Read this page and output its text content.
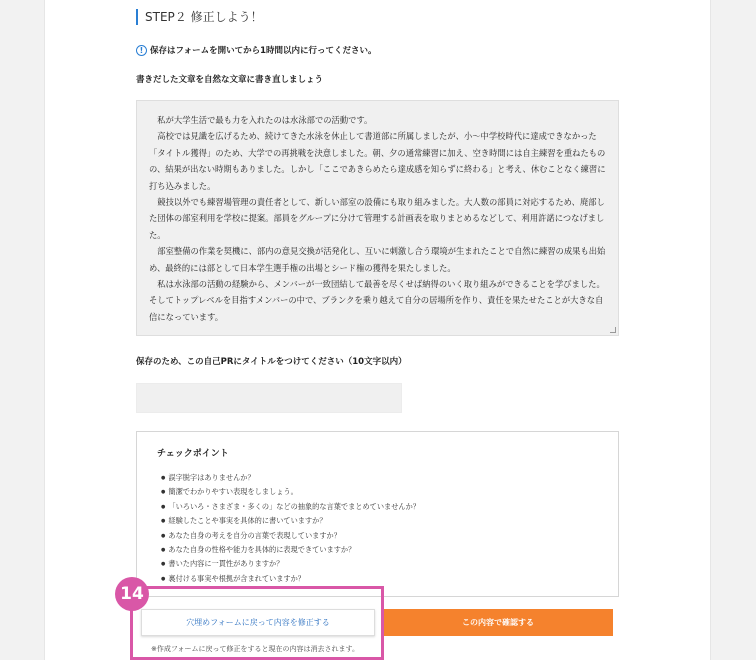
STEP２ 修正しよう！
! 保存はフォームを開いてから1時間以内に行ってください。
書きだした文章を自然な文章に書き直しましょう

私が大学生活で最も力を入れたのは水泳部での活動です。

高校では見識を広げるため、続けてきた水泳を休止して書道部に所属しましたが、小～中学校時代に達成できなかった「タイトル獲得」のため、大学での再挑戦を決意しました。朝、夕の通常練習に加え、空き時間には自主練習を重ねたものの、結果が出ない時期もありました。しかし「ここであきらめたら達成感を知らずに終わる」と考え、休むことなく練習に打ち込みました。

競技以外でも練習場管理の責任者として、新しい部室の設備にも取り組みました。大人数の部員に対応するため、廃部した団体の部室利用を学校に提案。部員をグループに分けて管理する計画表を取りまとめるなどして、利用許諾につなげました。

部室整備の作業を契機に、部内の意見交換が活発化し、互いに刺激し合う環境が生まれたことで自然に練習の成果も出始め、最終的には部として日本学生選手権の出場とシード権の獲得を果たしました。

私は水泳部の活動の経験から、メンバーが一致団結して最善を尽くせば納得のいく取り組みができることを学びました。そしてトップレベルを目指すメンバーの中で、ブランクを乗り越えて自分の居場所を作り、責任を果たせたことが大きな自信になっています。

保存のため、この自己PRにタイトルをつけてください（10文字以内）
チェックポイント
● 誤字脱字はありませんか？
● 簡潔でわかりやすい表現をしましょう。
● 「いろいろ・さまざま・多くの」などの抽象的な言葉でまとめていませんか？
● 経験したことや事実を具体的に書いていますか？
● あなた自身の考えを自分の言葉で表現していますか？
● あなた自身の性格や能力を具体的に表現できていますか？
● 書いた内容に一貫性がありますか？
● 裏付ける事実や根拠が含まれていますか？
穴埋めフォームに戻って内容を修正する	この内容で確認する
※作成フォームに戻って修正をすると現在の内容は消去されます。
14
